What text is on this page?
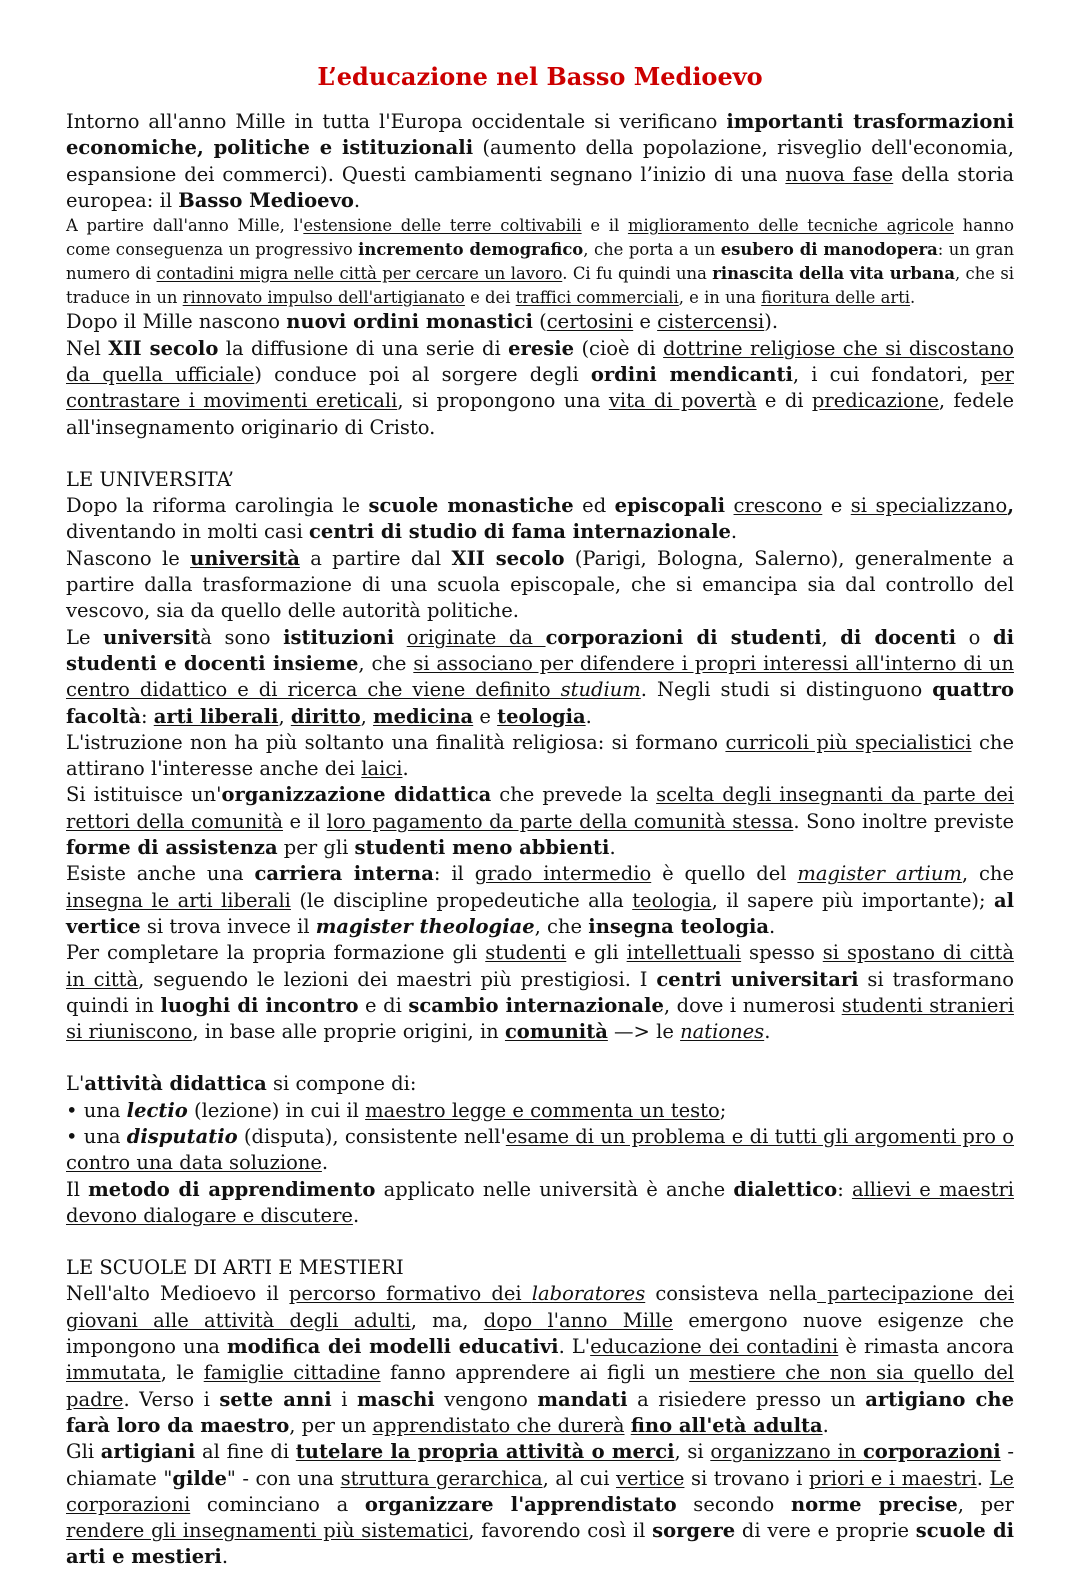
L’educazione nel Basso Medioevo

Intorno all'anno Mille in tutta l'Europa occidentale si verificano importanti trasformazioni economiche, politiche e istituzionali (aumento della popolazione, risveglio dell'economia, espansione dei commerci). Questi cambiamenti segnano l’inizio di una nuova fase della storia europea: il Basso Medioevo.

A partire dall'anno Mille, l'estensione delle terre coltivabili e il miglioramento delle tecniche agricole hanno come conseguenza un progressivo incremento demografico, che porta a un esubero di manodopera: un gran numero di contadini migra nelle città per cercare un lavoro. Ci fu quindi una rinascita della vita urbana, che si traduce in un rinnovato impulso dell'artigianato e dei traffici commerciali, e in una fioritura delle arti.

Dopo il Mille nascono nuovi ordini monastici (certosini e cistercensi).

Nel XII secolo la diffusione di una serie di eresie (cioè di dottrine religiose che si discostano da quella ufficiale) conduce poi al sorgere degli ordini mendicanti, i cui fondatori, per contrastare i movimenti ereticali, si propongono una vita di povertà e di predicazione, fedele all'insegnamento originario di Cristo.

LE UNIVERSITA’

Dopo la riforma carolingia le scuole monastiche ed episcopali crescono e si specializzano, diventando in molti casi centri di studio di fama internazionale.

Nascono le università a partire dal XII secolo (Parigi, Bologna, Salerno), generalmente a partire dalla trasformazione di una scuola episcopale, che si emancipa sia dal controllo del vescovo, sia da quello delle autorità politiche.

Le università sono istituzioni originate da corporazioni di studenti, di docenti o di studenti e docenti insieme, che si associano per difendere i propri interessi all'interno di un centro didattico e di ricerca che viene definito studium. Negli studi si distinguono quattro facoltà: arti liberali, diritto, medicina e teologia.

L'istruzione non ha più soltanto una finalità religiosa: si formano curricoli più specialistici che attirano l'interesse anche dei laici.

Si istituisce un'organizzazione didattica che prevede la scelta degli insegnanti da parte dei rettori della comunità e il loro pagamento da parte della comunità stessa. Sono inoltre previste forme di assistenza per gli studenti meno abbienti.

Esiste anche una carriera interna: il grado intermedio è quello del magister artium, che insegna le arti liberali (le discipline propedeutiche alla teologia, il sapere più importante); al vertice si trova invece il magister theologiae, che insegna teologia.

Per completare la propria formazione gli studenti e gli intellettuali spesso si spostano di città in città, seguendo le lezioni dei maestri più prestigiosi. I centri universitari si trasformano quindi in luoghi di incontro e di scambio internazionale, dove i numerosi studenti stranieri si riuniscono, in base alle proprie origini, in comunità —> le nationes.

L'attività didattica si compone di:

• una lectio (lezione) in cui il maestro legge e commenta un testo;

• una disputatio (disputa), consistente nell'esame di un problema e di tutti gli argomenti pro o contro una data soluzione.

Il metodo di apprendimento applicato nelle università è anche dialettico: allievi e maestri devono dialogare e discutere.

LE SCUOLE DI ARTI E MESTIERI

Nell'alto Medioevo il percorso formativo dei laboratores consisteva nella partecipazione dei giovani alle attività degli adulti, ma, dopo l'anno Mille emergono nuove esigenze che impongono una modifica dei modelli educativi. L'educazione dei contadini è rimasta ancora immutata, le famiglie cittadine fanno apprendere ai figli un mestiere che non sia quello del padre. Verso i sette anni i maschi vengono mandati a risiedere presso un artigiano che farà loro da maestro, per un apprendistato che durerà fino all'età adulta.

Gli artigiani al fine di tutelare la propria attività o merci, si organizzano in corporazioni - chiamate "gilde" - con una struttura gerarchica, al cui vertice si trovano i priori e i maestri. Le corporazioni cominciano a organizzare l'apprendistato secondo norme precise, per rendere gli insegnamenti più sistematici, favorendo così il sorgere di vere e proprie scuole di arti e mestieri.
